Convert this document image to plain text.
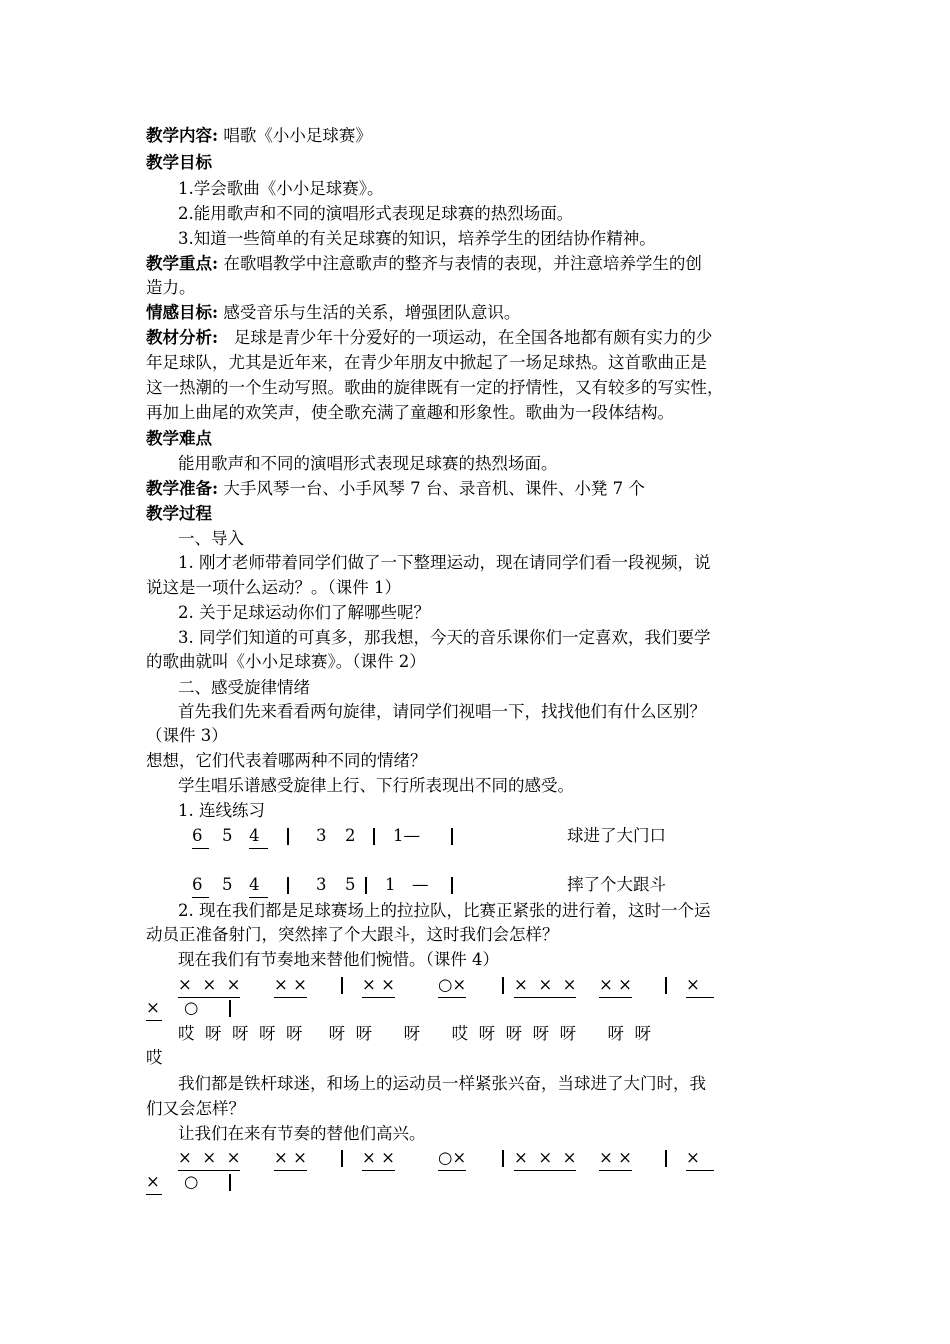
教学内容: 唱歌《小小足球赛》
教学目标
1.学会歌曲《小小足球赛》。
2.能用歌声和不同的演唱形式表现足球赛的热烈场面。
3.知道一些简单的有关足球赛的知识，培养学生的团结协作精神。
教学重点: 在歌唱教学中注意歌声的整齐与表情的表现，并注意培养学生的创
造力。
情感目标: 感受音乐与生活的关系，增强团队意识。
教材分析:   足球是青少年十分爱好的一项运动，在全国各地都有颇有实力的少
年足球队，尤其是近年来，在青少年朋友中掀起了一场足球热。这首歌曲正是
这一热潮的一个生动写照。歌曲的旋律既有一定的抒情性，又有较多的写实性，
再加上曲尾的欢笑声，使全歌充满了童趣和形象性。歌曲为一段体结构。
教学难点
能用歌声和不同的演唱形式表现足球赛的热烈场面。
教学准备: 大手风琴一台、小手风琴 7 台、录音机、课件、小凳 7 个
教学过程
一、导入
1. 刚才老师带着同学们做了一下整理运动，现在请同学们看一段视频，说
说这是一项什么运动？。（课件 1）
2. 关于足球运动你们了解哪些呢？
3. 同学们知道的可真多，那我想，今天的音乐课你们一定喜欢，我们要学
的歌曲就叫《小小足球赛》。（课件 2）
二、感受旋律情绪
首先我们先来看看两句旋律，请同学们视唱一下，找找他们有什么区别？
（课件 3）
想想，它们代表着哪两种不同的情绪？
学生唱乐谱感受旋律上行、下行所表现出不同的感受。
1. 连线练习
6	5 4	3 2 1—	球进了大门口
6	5 4	3 5 1 —	摔了个大跟斗
2. 现在我们都是足球赛场上的拉拉队，比赛正紧张的进行着，这时一个运
动员正准备射门，突然摔了个大跟斗，这时我们会怎样？
现在我们有节奏地来替他们惋惜。（课件 4）
×  ×  × × ×	× ×	○×	×  ×  × × ×	×
× ○
哎  呀  呀  呀  呀     呀  呀      呀      哎  呀  呀  呀  呀      呀  呀
哎
我们都是铁杆球迷，和场上的运动员一样紧张兴奋，当球进了大门时，我
们又会怎样？
让我们在来有节奏的替他们高兴。
×  ×  × × ×	× ×	○×	×  ×  × × ×	×
× ○
